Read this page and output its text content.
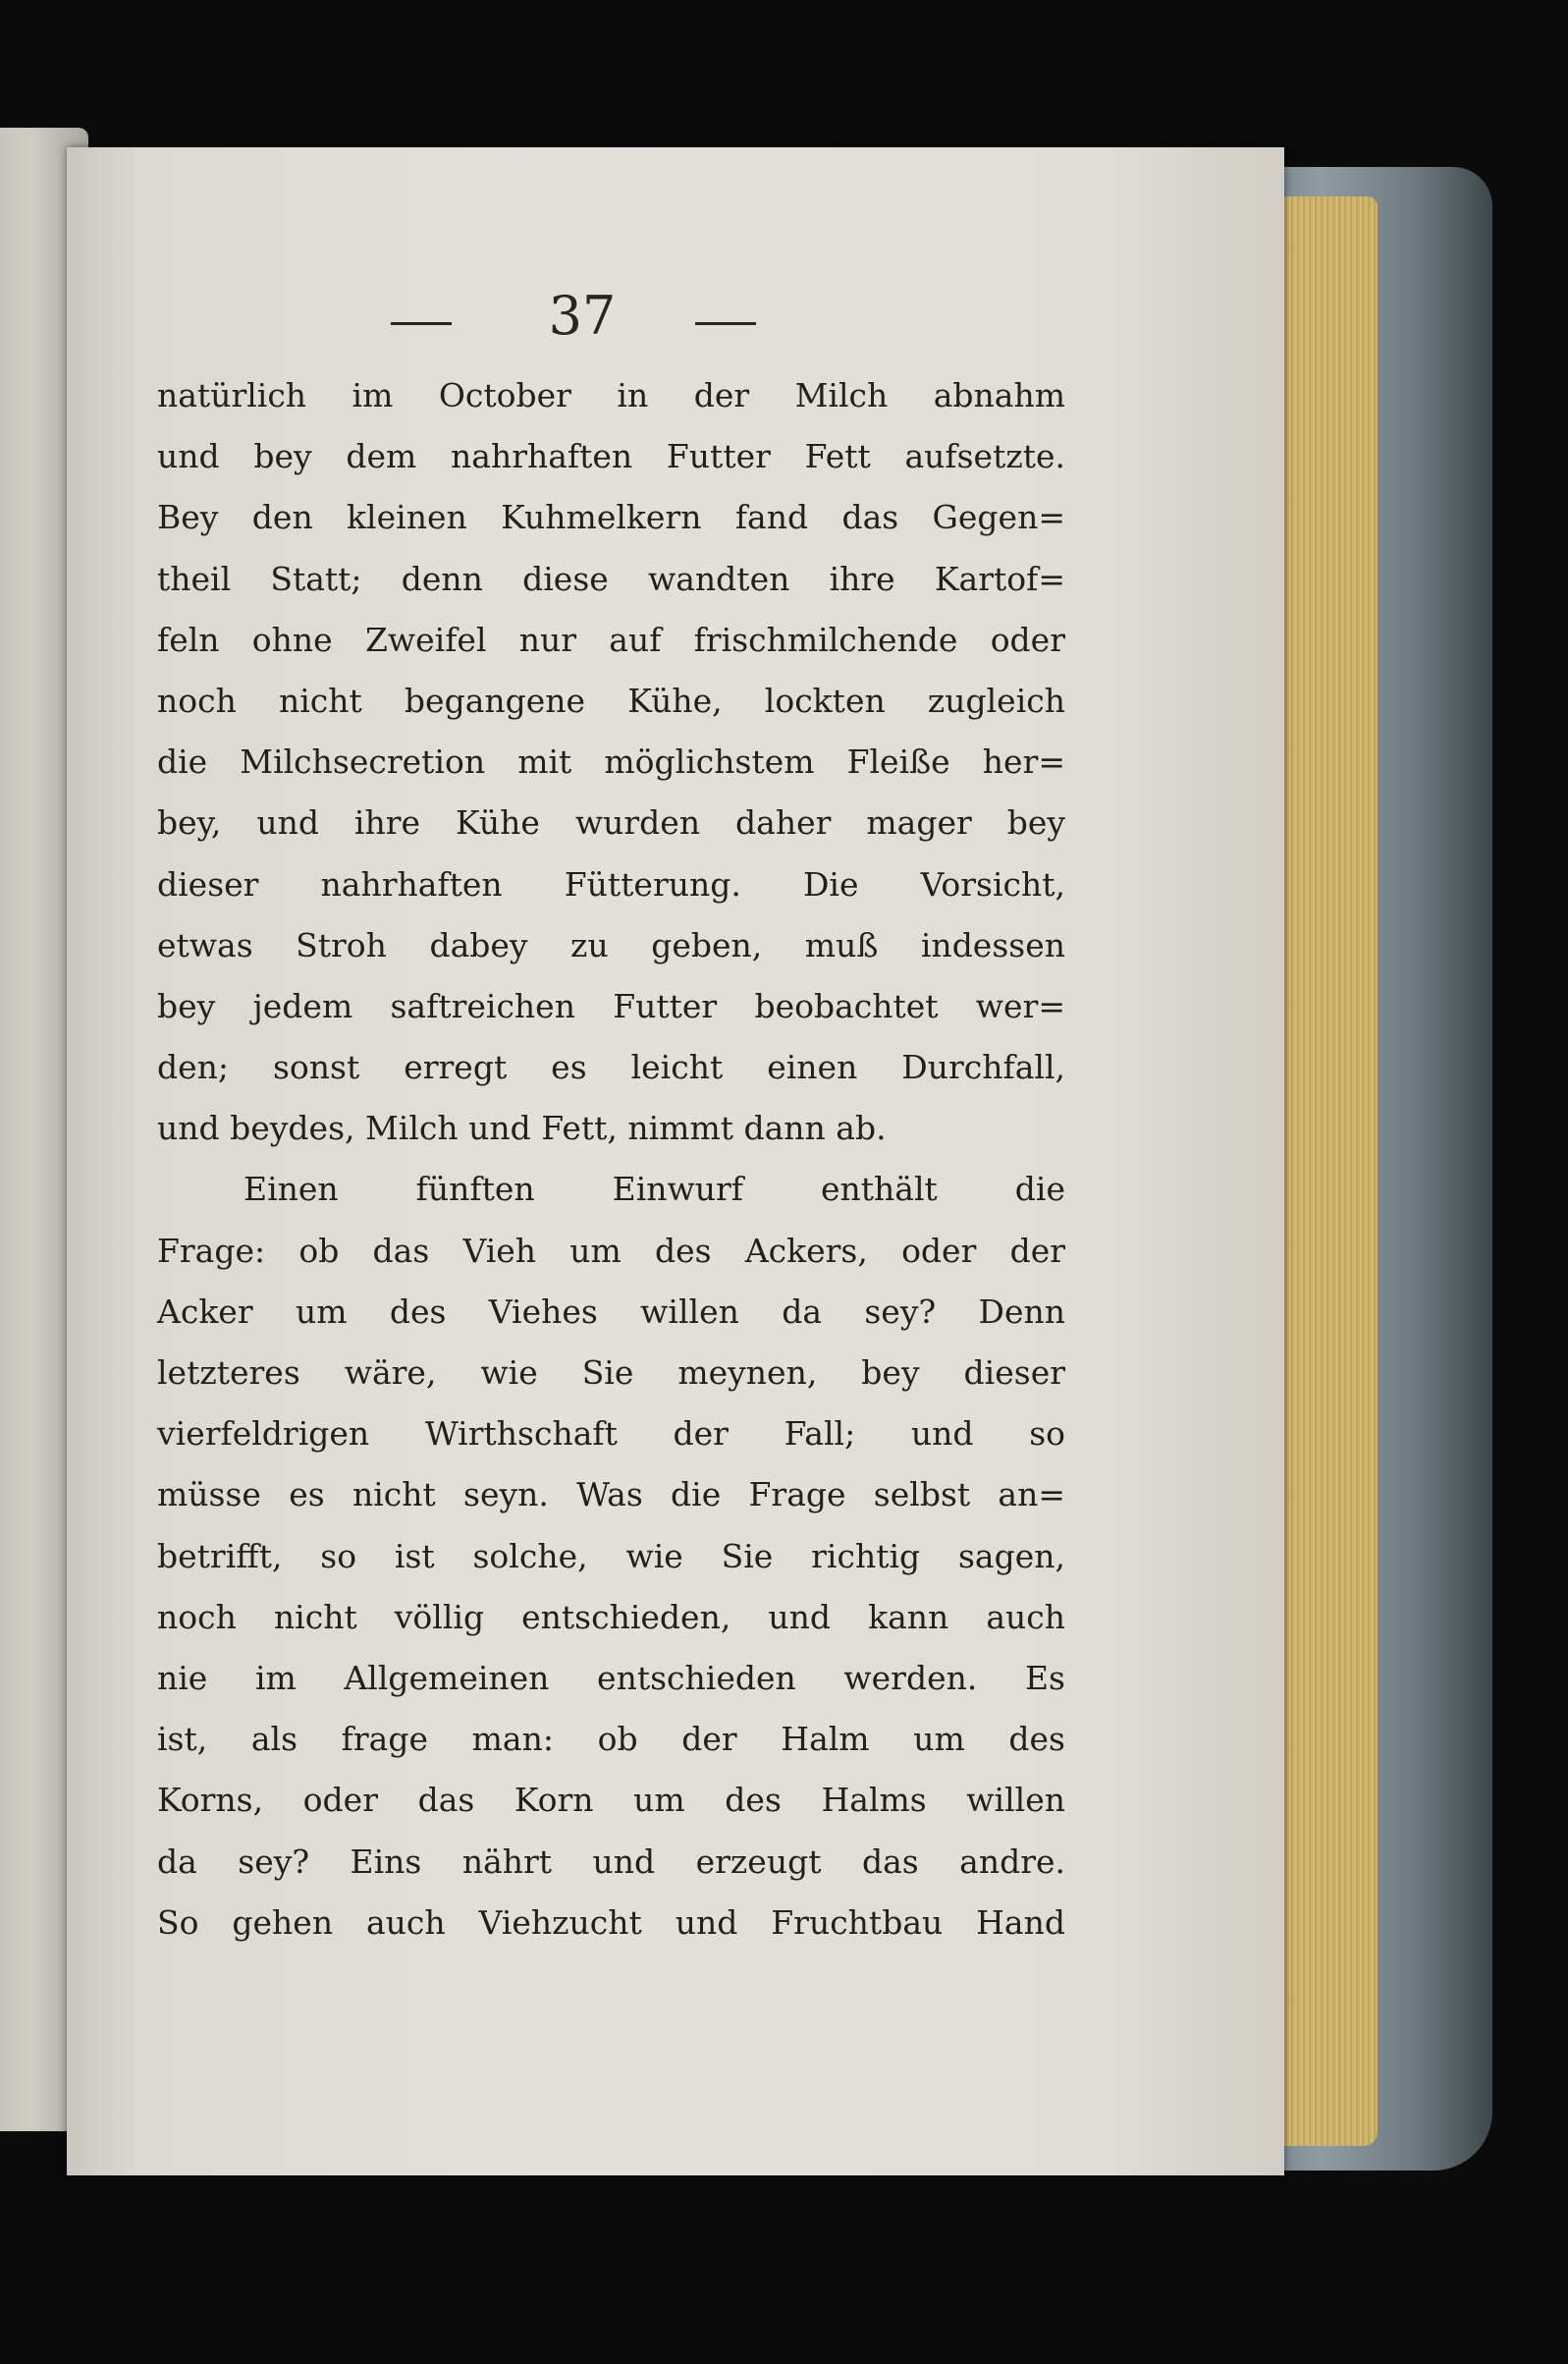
37
natürlich im October in der Milch abnahm
und bey dem nahrhaften Futter Fett aufsetzte.
Bey den kleinen Kuhmelkern fand das Gegen=
theil Statt; denn diese wandten ihre Kartof=
feln ohne Zweifel nur auf frischmilchende oder
noch nicht begangene Kühe, lockten zugleich
die Milchsecretion mit möglichstem Fleiße her=
bey, und ihre Kühe wurden daher mager bey
dieser nahrhaften Fütterung. Die Vorsicht,
etwas Stroh dabey zu geben, muß indessen
bey jedem saftreichen Futter beobachtet wer=
den; sonst erregt es leicht einen Durchfall,
und beydes, Milch und Fett, nimmt dann ab.
Einen fünften Einwurf enthält die
Frage: ob das Vieh um des Ackers, oder der
Acker um des Viehes willen da sey? Denn
letzteres wäre, wie Sie meynen, bey dieser
vierfeldrigen Wirthschaft der Fall; und so
müsse es nicht seyn. Was die Frage selbst an=
betrifft, so ist solche, wie Sie richtig sagen,
noch nicht völlig entschieden, und kann auch
nie im Allgemeinen entschieden werden. Es
ist, als frage man: ob der Halm um des
Korns, oder das Korn um des Halms willen
da sey? Eins nährt und erzeugt das andre.
So gehen auch Viehzucht und Fruchtbau Hand
